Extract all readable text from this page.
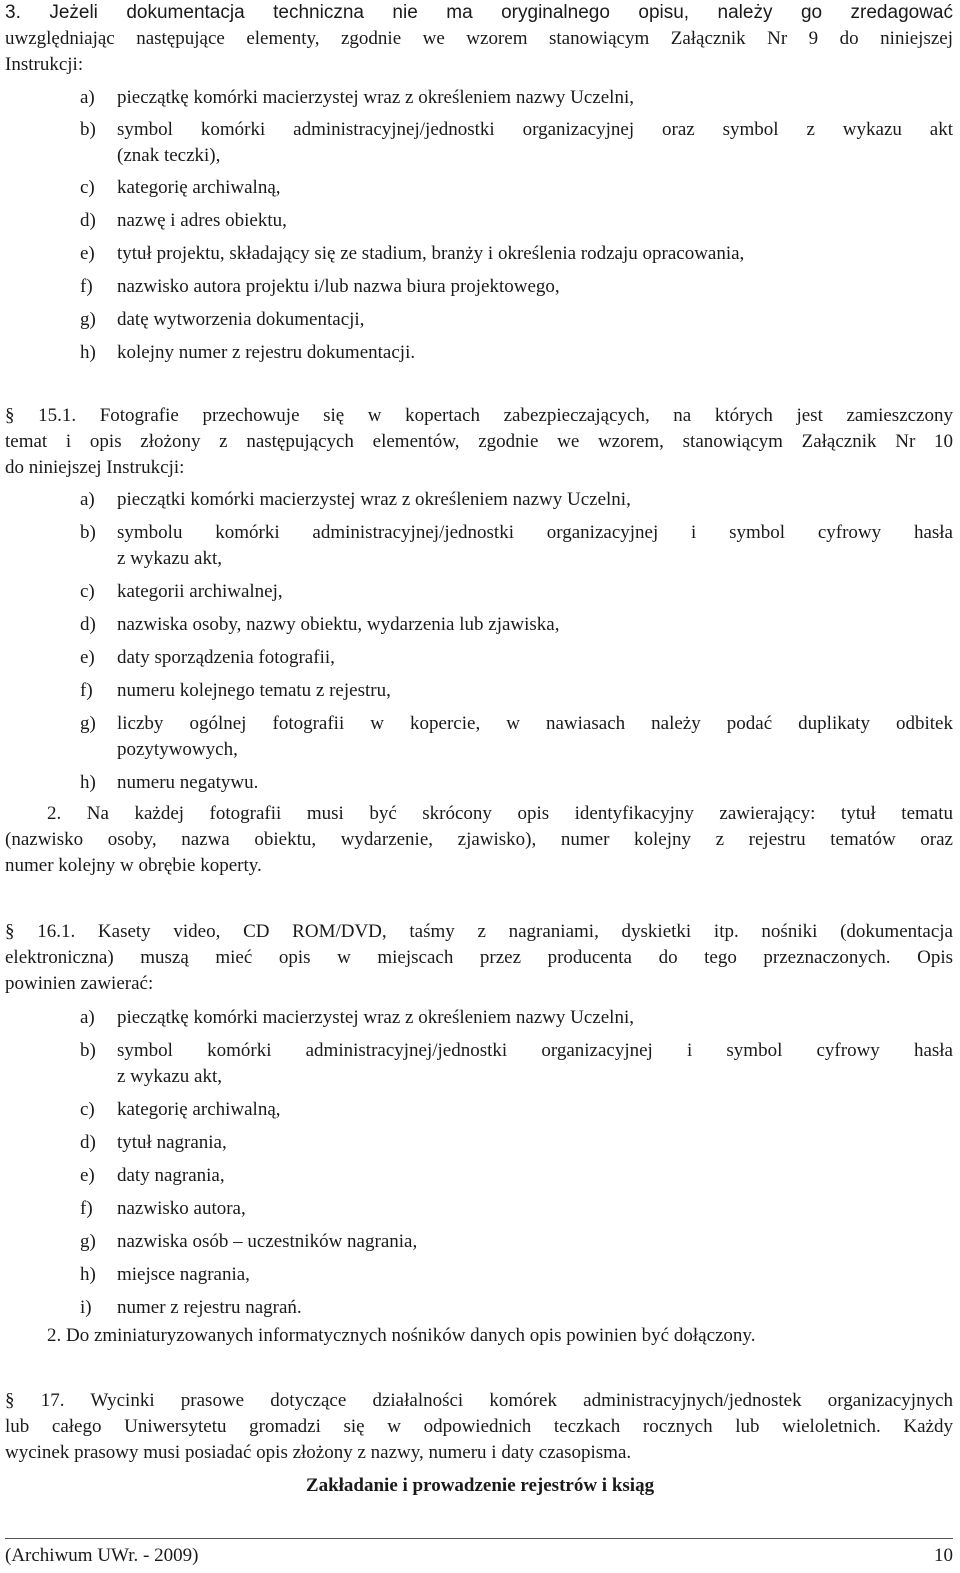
3. Jeżeli dokumentacja techniczna nie ma oryginalnego opisu, należy go zredagować
uwzględniając następujące elementy, zgodnie we wzorem stanowiącym Załącznik Nr 9 do niniejszej
Instrukcji:
a) pieczątkę komórki macierzystej wraz z określeniem nazwy Uczelni,
b) symbol komórki administracyjnej/jednostki organizacyjnej oraz symbol z wykazu akt
(znak teczki),
c) kategorię archiwalną,
d) nazwę i adres obiektu,
e) tytuł projektu, składający się ze stadium, branży i określenia rodzaju opracowania,
f) nazwisko autora projektu i/lub nazwa biura projektowego,
g) datę wytworzenia dokumentacji,
h) kolejny numer z rejestru dokumentacji.
§ 15.1. Fotografie przechowuje się w kopertach zabezpieczających, na których jest zamieszczony
temat i opis złożony z następujących elementów, zgodnie we wzorem, stanowiącym Załącznik Nr 10
do niniejszej Instrukcji:
a) pieczątki komórki macierzystej wraz z określeniem nazwy Uczelni,
b) symbolu komórki administracyjnej/jednostki organizacyjnej i symbol cyfrowy hasła
z wykazu akt,
c) kategorii archiwalnej,
d) nazwiska osoby, nazwy obiektu, wydarzenia lub zjawiska,
e) daty sporządzenia fotografii,
f) numeru kolejnego tematu z rejestru,
g) liczby ogólnej fotografii w kopercie, w nawiasach należy podać duplikaty odbitek
pozytywowych,
h) numeru negatywu.
2. Na każdej fotografii musi być skrócony opis identyfikacyjny zawierający: tytuł tematu
(nazwisko osoby, nazwa obiektu, wydarzenie, zjawisko), numer kolejny z rejestru tematów oraz
numer kolejny w obrębie koperty.
§ 16.1. Kasety video, CD ROM/DVD, taśmy z nagraniami, dyskietki itp. nośniki (dokumentacja
elektroniczna) muszą mieć opis w miejscach przez producenta do tego przeznaczonych. Opis
powinien zawierać:
a) pieczątkę komórki macierzystej wraz z określeniem nazwy Uczelni,
b) symbol komórki administracyjnej/jednostki organizacyjnej i symbol cyfrowy hasła
z wykazu akt,
c) kategorię archiwalną,
d) tytuł nagrania,
e) daty nagrania,
f) nazwisko autora,
g) nazwiska osób – uczestników nagrania,
h) miejsce nagrania,
i) numer z rejestru nagrań.
2. Do zminiaturyzowanych informatycznych nośników danych opis powinien być dołączony.
§ 17. Wycinki prasowe dotyczące działalności komórek administracyjnych/jednostek organizacyjnych
lub całego Uniwersytetu gromadzi się w odpowiednich teczkach rocznych lub wieloletnich. Każdy
wycinek prasowy musi posiadać opis złożony z nazwy, numeru i daty czasopisma.
Zakładanie i prowadzenie rejestrów i ksiąg
(Archiwum UWr. - 2009)	10
